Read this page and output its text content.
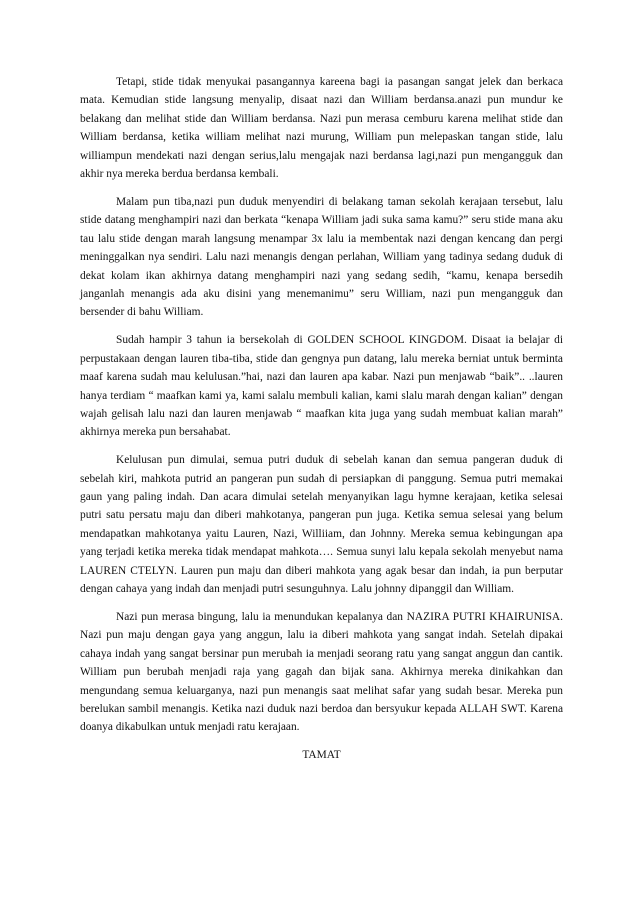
Tetapi, stide tidak menyukai pasangannya kareena bagi ia pasangan sangat jelek dan berkaca mata. Kemudian stide langsung menyalip, disaat nazi dan William berdansa.anazi pun mundur ke belakang dan melihat stide dan William berdansa. Nazi pun merasa cemburu karena melihat stide dan William berdansa, ketika william melihat nazi murung, William pun melepaskan tangan stide, lalu williampun mendekati nazi dengan serius,lalu mengajak nazi berdansa lagi,nazi pun mengangguk dan akhir nya mereka berdua berdansa kembali.

Malam pun tiba,nazi pun duduk menyendiri di belakang taman sekolah kerajaan tersebut, lalu stide datang menghampiri nazi dan berkata “kenapa William jadi suka sama kamu?” seru stide mana aku tau lalu stide dengan marah langsung menampar 3x lalu ia membentak nazi dengan kencang dan pergi meninggalkan nya sendiri. Lalu nazi menangis dengan perlahan, William yang tadinya sedang duduk di dekat kolam ikan akhirnya datang menghampiri nazi yang sedang sedih, “kamu, kenapa bersedih janganlah menangis ada aku disini yang menemanimu” seru William, nazi pun mengangguk dan bersender di bahu William.

Sudah hampir 3 tahun ia bersekolah di GOLDEN SCHOOL KINGDOM. Disaat ia belajar di perpustakaan dengan lauren tiba-tiba, stide dan gengnya pun datang, lalu mereka berniat untuk berminta maaf karena sudah mau kelulusan.”hai, nazi dan lauren apa kabar. Nazi pun menjawab “baik”.. ..lauren hanya terdiam “ maafkan kami ya, kami salalu membuli kalian, kami slalu marah dengan kalian” dengan wajah gelisah lalu nazi dan lauren menjawab “ maafkan kita juga yang sudah membuat kalian marah” akhirnya mereka pun bersahabat.

Kelulusan pun dimulai, semua putri duduk di sebelah kanan dan semua pangeran duduk di sebelah kiri, mahkota putrid an pangeran pun sudah di persiapkan di panggung. Semua putri memakai gaun yang paling indah. Dan acara dimulai setelah menyanyikan lagu hymne kerajaan, ketika selesai putri satu persatu maju dan diberi mahkotanya, pangeran pun juga. Ketika semua selesai yang belum mendapatkan mahkotanya yaitu Lauren, Nazi, Williiam, dan Johnny. Mereka semua kebingungan apa yang terjadi ketika mereka tidak mendapat mahkota…. Semua sunyi lalu kepala sekolah menyebut nama LAUREN CTELYN. Lauren pun maju dan diberi mahkota yang agak besar dan indah, ia pun berputar dengan cahaya yang indah dan menjadi putri sesunguhnya. Lalu johnny dipanggil dan William.

Nazi pun merasa bingung, lalu ia menundukan kepalanya dan NAZIRA PUTRI KHAIRUNISA. Nazi pun maju dengan gaya yang anggun, lalu ia diberi mahkota yang sangat indah. Setelah dipakai cahaya indah yang sangat bersinar pun merubah ia menjadi seorang ratu yang sangat anggun dan cantik. William pun berubah menjadi raja yang gagah dan bijak sana. Akhirnya mereka dinikahkan dan mengundang semua keluarganya, nazi pun menangis saat melihat safar yang sudah besar. Mereka pun berelukan sambil menangis. Ketika nazi duduk nazi berdoa dan bersyukur kepada ALLAH SWT. Karena doanya dikabulkan untuk menjadi ratu kerajaan.

TAMAT
